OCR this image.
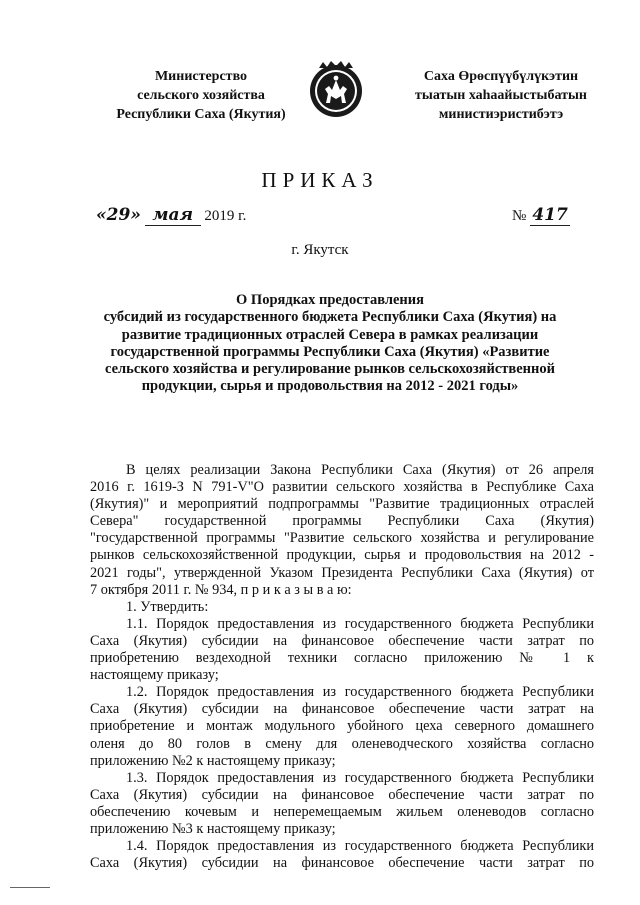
Министерство
сельского хозяйства
Республики Саха (Якутия)
Саха Өрөспүүбүлүкэтин
тыатын хаһаайыстыбатын
министиэристибэтэ
ПРИКАЗ
«29» мая 2019 г.	№ 417
г. Якутск
О Порядках предоставления
субсидий из государственного бюджета Республики Саха (Якутия) на
развитие традиционных отраслей Севера в рамках реализации
государственной программы Республики Саха (Якутия) «Развитие
сельского хозяйства и регулирование рынков сельскохозяйственной
продукции, сырья и продовольствия на 2012 - 2021 годы»
В целях реализации Закона Республики Саха (Якутия) от 26 апреля
2016 г. 1619-З N 791-V"О развитии сельского хозяйства в Республике Саха
(Якутия)" и мероприятий подпрограммы "Развитие традиционных отраслей
Севера" государственной программы Республики Саха (Якутия)
"государственной программы "Развитие сельского хозяйства и регулирование
рынков сельскохозяйственной продукции, сырья и продовольствия на 2012 -
2021 годы", утвержденной Указом Президента Республики Саха (Якутия) от
7 октября 2011 г. № 934, п р и к а з ы в а ю:
1. Утвердить:
1.1. Порядок предоставления из государственного бюджета Республики
Саха (Якутия) субсидии на финансовое обеспечение части затрат по
приобретению вездеходной техники согласно приложению № 1 к
настоящему приказу;
1.2. Порядок предоставления из государственного бюджета Республики
Саха (Якутия) субсидии на финансовое обеспечение части затрат на
приобретение и монтаж модульного убойного цеха северного домашнего
оленя до 80 голов в смену для оленеводческого хозяйства согласно
приложению №2 к настоящему приказу;
1.3. Порядок предоставления из государственного бюджета Республики
Саха (Якутия) субсидии на финансовое обеспечение части затрат по
обеспечению кочевым и неперемещаемым жильем оленеводов согласно
приложению №3 к настоящему приказу;
1.4. Порядок предоставления из государственного бюджета Республики
Саха (Якутия) субсидии на финансовое обеспечение части затрат по
